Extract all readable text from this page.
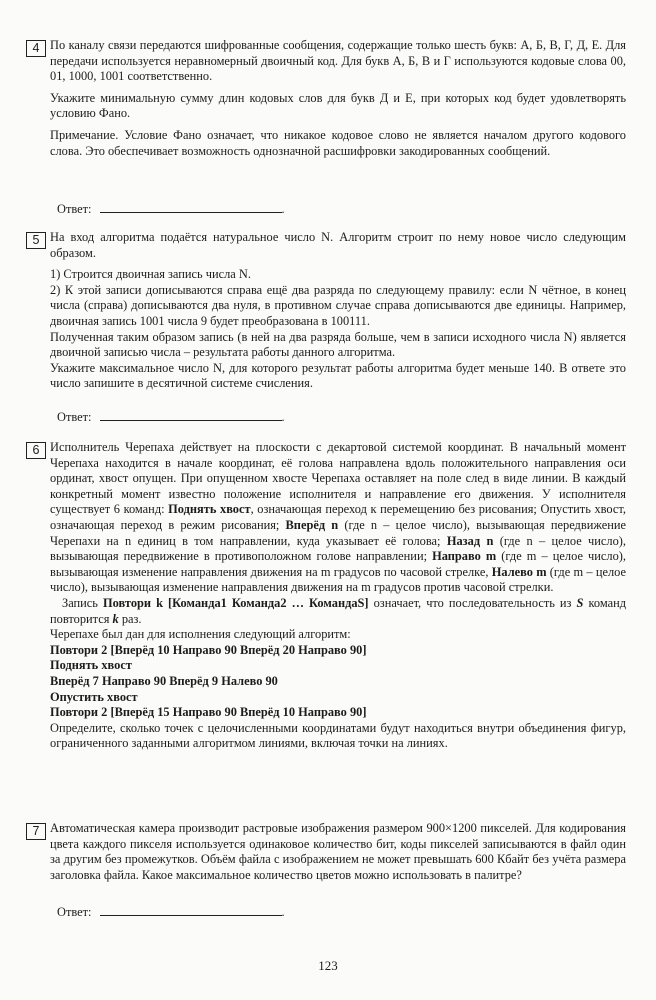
4 По каналу связи передаются шифрованные сообщения, содержащие только шесть букв: А, Б, В, Г, Д, Е. Для передачи используется неравномерный двоичный код. Для букв А, Б, В и Г используются кодовые слова 00, 01, 1000, 1001 соответственно.

Укажите минимальную сумму длин кодовых слов для букв Д и Е, при которых код будет удовлетворять условию Фано.

Примечание. Условие Фано означает, что никакое кодовое слово не является началом другого кодового слова. Это обеспечивает возможность однозначной расшифровки закодированных сообщений.

Ответ:	.
5 На вход алгоритма подаётся натуральное число N. Алгоритм строит по нему новое число следующим образом.

1) Строится двоичная запись числа N.

2) К этой записи дописываются справа ещё два разряда по следующему правилу: если N чётное, в конец числа (справа) дописываются два нуля, в противном случае справа дописываются две единицы. Например, двоичная запись 1001 числа 9 будет преобразована в 100111.

Полученная таким образом запись (в ней на два разряда больше, чем в записи исходного числа N) является двоичной записью числа – результата работы данного алгоритма.

Укажите максимальное число N, для которого результат работы алгоритма будет меньше 140. В ответе это число запишите в десятичной системе счисления.

Ответ:	.
6 Исполнитель Черепаха действует на плоскости с декартовой системой координат. В начальный момент Черепаха находится в начале координат, её голова направлена вдоль положительного направления оси ординат, хвост опущен. При опущенном хвосте Черепаха оставляет на поле след в виде линии. В каждый конкретный момент известно положение исполнителя и направление его движения. У исполнителя существует 6 команд: Поднять хвост, означающая переход к перемещению без рисования; Опустить хвост, означающая переход в режим рисования; Вперёд n (где n – целое число), вызывающая передвижение Черепахи на n единиц в том направлении, куда указывает её голова; Назад n (где n – целое число), вызывающая передвижение в противоположном голове направлении; Направо m (где m – целое число), вызывающая изменение направления движения на m градусов по часовой стрелке, Налево m (где m – целое число), вызывающая изменение направления движения на m градусов против часовой стрелки.

Запись Повтори k [Команда1 Команда2 … КомандаS] означает, что последовательность из S команд повторится k раз.

Черепахе был дан для исполнения следующий алгоритм:

Повтори 2 [Вперёд 10 Направо 90 Вперёд 20 Направо 90]

Поднять хвост

Вперёд 7 Направо 90 Вперёд 9 Налево 90

Опустить хвост

Повтори 2 [Вперёд 15 Направо 90 Вперёд 10 Направо 90]

Определите, сколько точек с целочисленными координатами будут находиться внутри объединения фигур, ограниченного заданными алгоритмом линиями, включая точки на линиях.

7 Автоматическая камера производит растровые изображения размером 900×1200 пикселей. Для кодирования цвета каждого пикселя используется одинаковое количество бит, коды пикселей записываются в файл один за другим без промежутков. Объём файла с изображением не может превышать 600 Кбайт без учёта размера заголовка файла. Какое максимальное количество цветов можно использовать в палитре?

Ответ:	.
123
